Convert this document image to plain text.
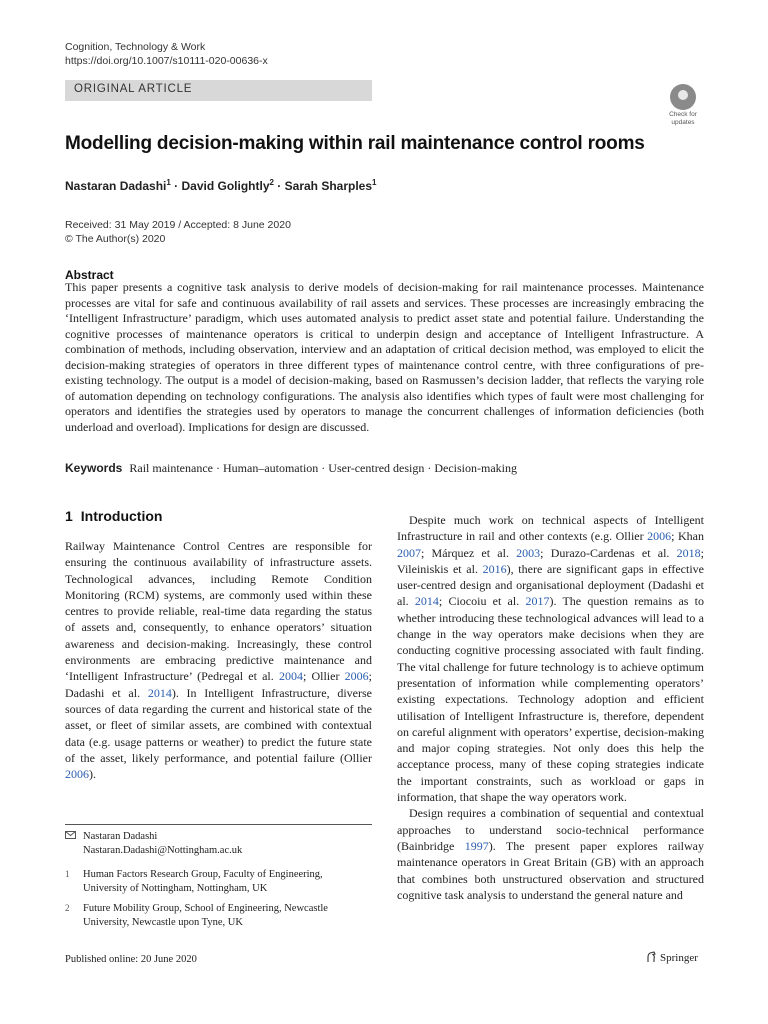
Cognition, Technology & Work
https://doi.org/10.1007/s10111-020-00636-x
ORIGINAL ARTICLE
Check for
updates
Modelling decision-making within rail maintenance control rooms
Nastaran Dadashi$^1$ · David Golightly$^2$ · Sarah Sharples$^1$
Received: 31 May 2019 / Accepted: 8 June 2020
© The Author(s) 2020
Abstract
This paper presents a cognitive task analysis to derive models of decision-making for rail maintenance processes. Maintenance processes are vital for safe and continuous availability of rail assets and services. These processes are increasingly embracing the ‘Intelligent Infrastructure’ paradigm, which uses automated analysis to predict asset state and potential failure. Understanding the cognitive processes of maintenance operators is critical to underpin design and acceptance of Intelligent Infrastructure. A combination of methods, including observation, interview and an adaptation of critical decision method, was employed to elicit the decision-making strategies of operators in three different types of maintenance control centre, with three configurations of pre-existing technology. The output is a model of decision-making, based on Rasmussen’s decision ladder, that reflects the varying role of automation depending on technology configurations. The analysis also identifies which types of fault were most challenging for operators and identifies the strategies used by operators to manage the concurrent challenges of information deficiencies (both underload and overload). Implications for design are discussed.
Keywords Rail maintenance · Human–automation · User-centred design · Decision-making
1 Introduction

Railway Maintenance Control Centres are responsible for ensuring the continuous availability of infrastructure assets. Technological advances, including Remote Condition Monitoring (RCM) systems, are commonly used within these centres to provide reliable, real-time data regarding the status of assets and, consequently, to enhance operators’ situation awareness and decision-making. Increasingly, these control environments are embracing predictive maintenance and ‘Intelligent Infrastructure’ (Pedregal et al. 2004; Ollier 2006; Dadashi et al. 2014). In Intelligent Infrastructure, diverse sources of data regarding the current and historical state of the asset, or fleet of similar assets, are combined with contextual data (e.g. usage patterns or weather) to predict the future state of the asset, likely performance, and potential failure (Ollier 2006).

Nastaran Dadashi
Nastaran.Dadashi@Nottingham.ac.uk
1 Human Factors Research Group, Faculty of Engineering,
University of Nottingham, Nottingham, UK
2 Future Mobility Group, School of Engineering, Newcastle
University, Newcastle upon Tyne, UK

Despite much work on technical aspects of Intelligent Infrastructure in rail and other contexts (e.g. Ollier 2006; Khan 2007; Márquez et al. 2003; Durazo-Cardenas et al. 2018; Vileiniskis et al. 2016), there are significant gaps in effective user-centred design and organisational deployment (Dadashi et al. 2014; Ciocoiu et al. 2017). The question remains as to whether introducing these technological advances will lead to a change in the way operators make decisions when they are conducting cognitive processing associated with fault finding. The vital challenge for future technology is to achieve optimum presentation of information while complementing operators’ existing expectations. Technology adoption and efficient utilisation of Intelligent Infrastructure is, therefore, dependent on careful alignment with operators’ expertise, decision-making and major coping strategies. Not only does this help the acceptance process, many of these coping strategies indicate the important constraints, such as workload or gaps in information, that shape the way operators work.

Design requires a combination of sequential and contextual approaches to understand socio-technical performance (Bainbridge 1997). The present paper explores railway maintenance operators in Great Britain (GB) with an approach that combines both unstructured observation and structured cognitive task analysis to understand the general nature and

Published online: 20 June 2020	Springer
